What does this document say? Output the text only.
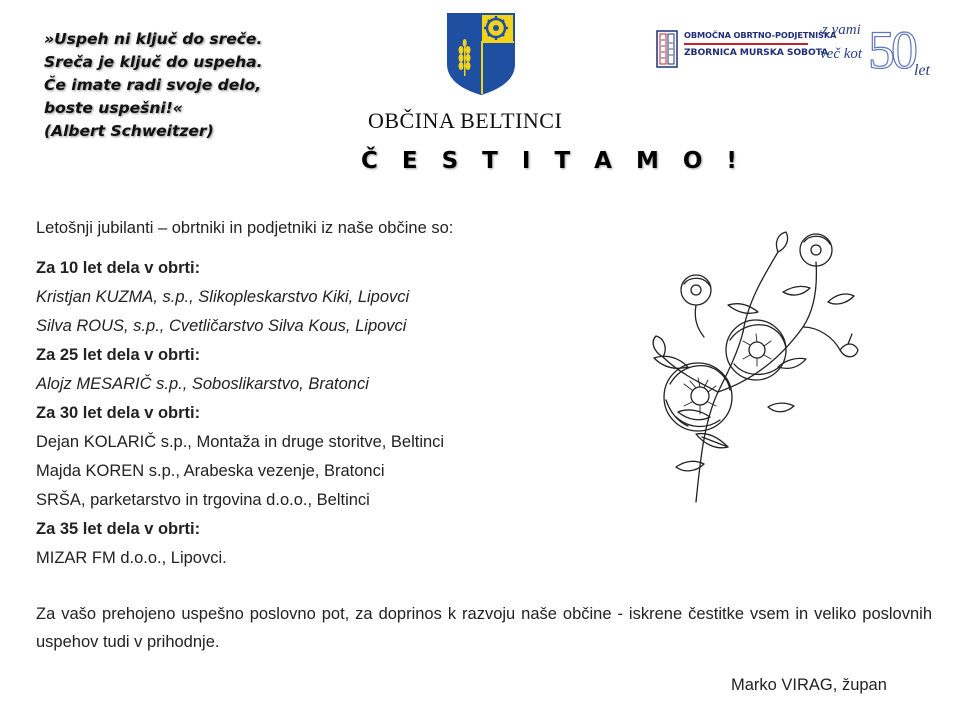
»Uspeh ni ključ do sreče.
Sreča je ključ do uspeha.
Če imate radi svoje delo,
boste uspešni!«
(Albert Schweitzer)	OBČINA BELTINCI
Č E S T I T A M O !
OBMOČNA OBRTNO-PODJETNIŠKA
ZBORNICA MURSKA SOBOTA 50
z vami
več kot
let
Letošnji jubilanti – obrtniki in podjetniki iz naše občine so:
Za 10 let dela v obrti:
Kristjan KUZMA, s.p., Slikopleskarstvo Kiki, Lipovci
Silva ROUS, s.p., Cvetličarstvo Silva Kous, Lipovci
Za 25 let dela v obrti:
Alojz MESARIČ s.p., Soboslikarstvo, Bratonci
Za 30 let dela v obrti:
Dejan KOLARIČ s.p., Montaža in druge storitve, Beltinci
Majda KOREN s.p., Arabeska vezenje, Bratonci
SRŠA, parketarstvo in trgovina d.o.o., Beltinci
Za 35 let dela v obrti:
MIZAR FM d.o.o., Lipovci.
Za vašo prehojeno uspešno poslovno pot, za doprinos k razvoju naše občine - iskrene čestitke vsem in veliko poslovnih uspehov tudi v prihodnje.
Marko VIRAG, župan
